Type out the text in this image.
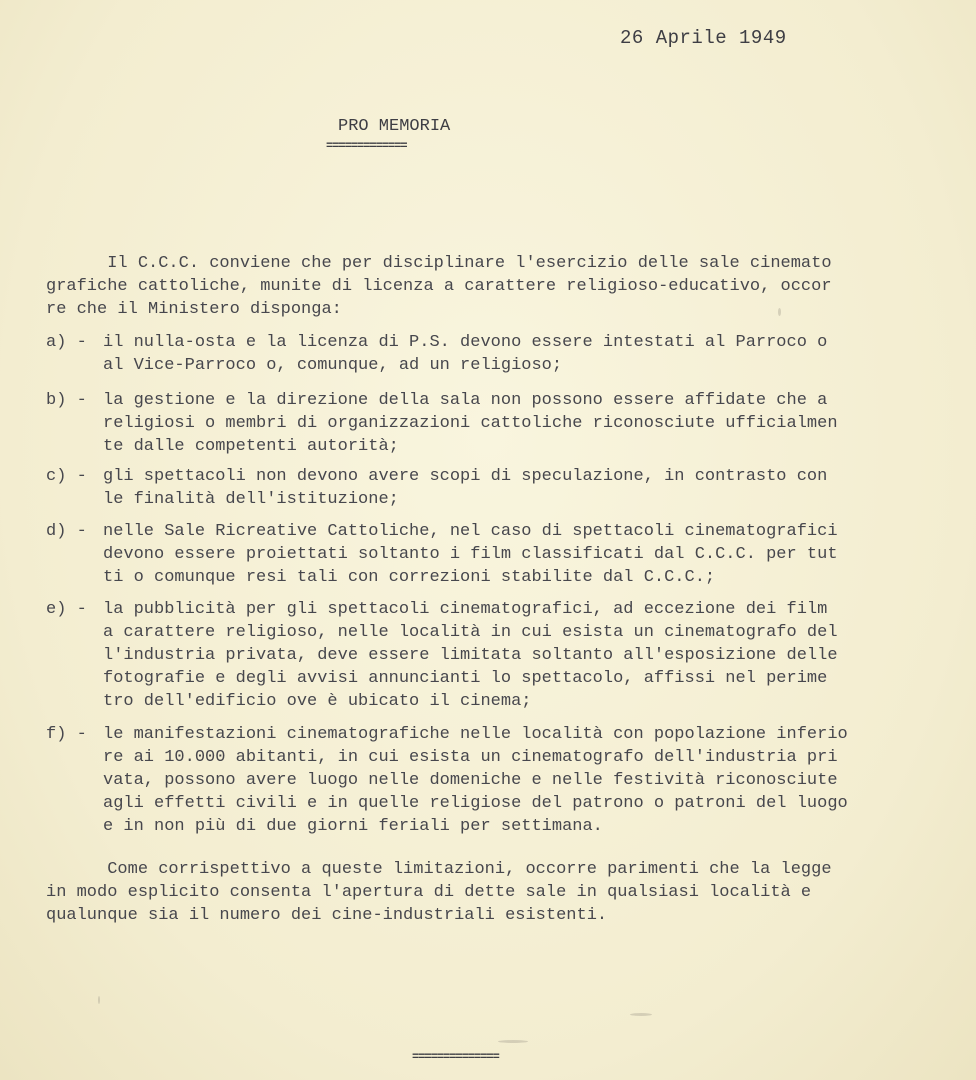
26 Aprile 1949
PRO MEMORIA
=============
Il C.C.C. conviene che per disciplinare l'esercizio delle sale cinemato
grafiche cattoliche, munite di licenza a carattere religioso-educativo, occor
re che il Ministero disponga:
a) - il nulla-osta e la licenza di P.S. devono essere intestati al Parroco o
al Vice-Parroco o, comunque, ad un religioso;
b) - la gestione e la direzione della sala non possono essere affidate che a
religiosi o membri di organizzazioni cattoliche riconosciute ufficialmen
te dalle competenti autorità;
c) - gli spettacoli non devono avere scopi di speculazione, in contrasto con
le finalità dell'istituzione;
d) - nelle Sale Ricreative Cattoliche, nel caso di spettacoli cinematografici
devono essere proiettati soltanto i film classificati dal C.C.C. per tut
ti o comunque resi tali con correzioni stabilite dal C.C.C.;
e) - la pubblicità per gli spettacoli cinematografici, ad eccezione dei film
a carattere religioso, nelle località in cui esista un cinematografo del
l'industria privata, deve essere limitata soltanto all'esposizione delle
fotografie e degli avvisi annuncianti lo spettacolo, affissi nel perime
tro dell'edificio ove è ubicato il cinema;
f) - le manifestazioni cinematografiche nelle località con popolazione inferio
re ai 10.000 abitanti, in cui esista un cinematografo dell'industria pri
vata, possono avere luogo nelle domeniche e nelle festività riconosciute
agli effetti civili e in quelle religiose del patrono o patroni del luogo
e in non più di due giorni feriali per settimana.
Come corrispettivo a queste limitazioni, occorre parimenti che la legge
in modo esplicito consenta l'apertura di dette sale in qualsiasi località e
qualunque sia il numero dei cine-industriali esistenti.
==============
